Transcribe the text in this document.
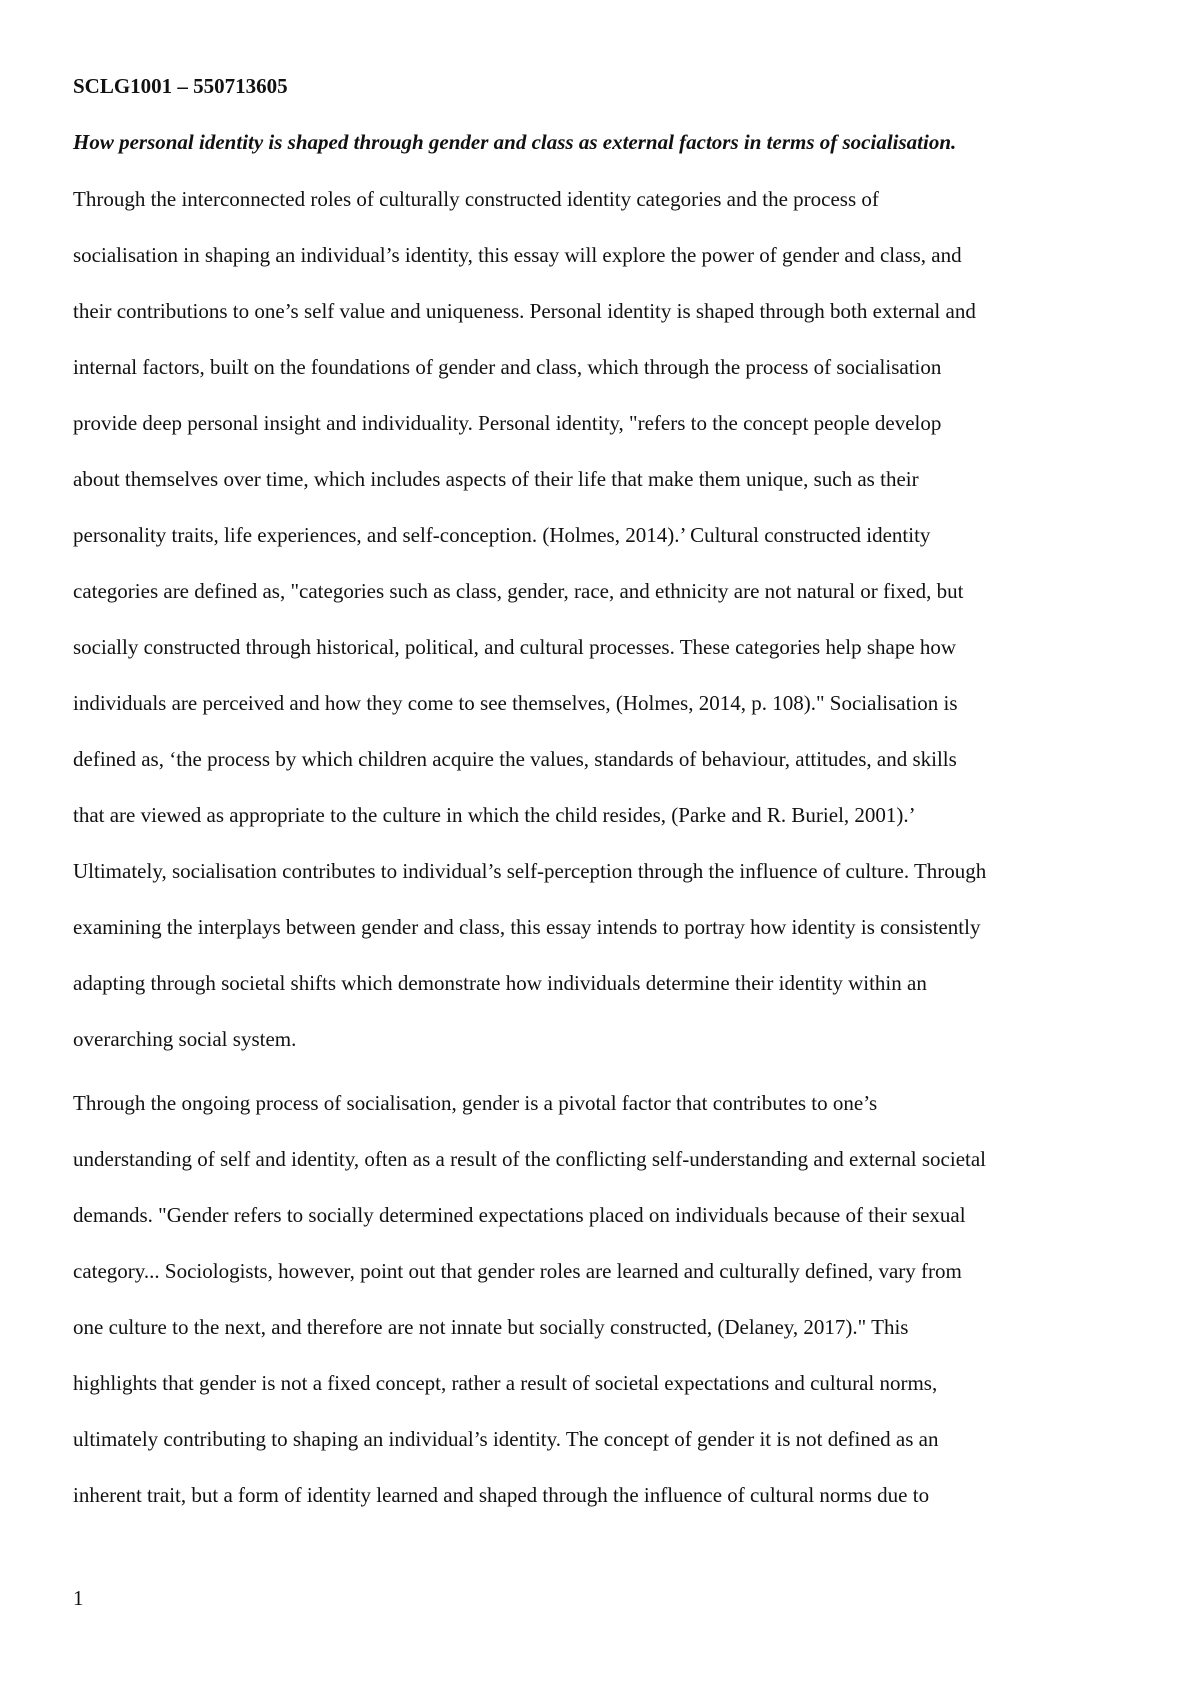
SCLG1001 – 550713605

How personal identity is shaped through gender and class as external factors in terms of socialisation.

Through the interconnected roles of culturally constructed identity categories and the process of
socialisation in shaping an individual’s identity, this essay will explore the power of gender and class, and
their contributions to one’s self value and uniqueness. Personal identity is shaped through both external and
internal factors, built on the foundations of gender and class, which through the process of socialisation
provide deep personal insight and individuality. Personal identity, "refers to the concept people develop
about themselves over time, which includes aspects of their life that make them unique, such as their
personality traits, life experiences, and self-conception. (Holmes, 2014).’ Cultural constructed identity
categories are defined as, "categories such as class, gender, race, and ethnicity are not natural or fixed, but
socially constructed through historical, political, and cultural processes. These categories help shape how
individuals are perceived and how they come to see themselves, (Holmes, 2014, p. 108)." Socialisation is
defined as, ‘the process by which children acquire the values, standards of behaviour, attitudes, and skills
that are viewed as appropriate to the culture in which the child resides, (Parke and R. Buriel, 2001).’
Ultimately, socialisation contributes to individual’s self-perception through the influence of culture. Through
examining the interplays between gender and class, this essay intends to portray how identity is consistently
adapting through societal shifts which demonstrate how individuals determine their identity within an
overarching social system.
Through the ongoing process of socialisation, gender is a pivotal factor that contributes to one’s
understanding of self and identity, often as a result of the conflicting self-understanding and external societal
demands. "Gender refers to socially determined expectations placed on individuals because of their sexual
category... Sociologists, however, point out that gender roles are learned and culturally defined, vary from
one culture to the next, and therefore are not innate but socially constructed, (Delaney, 2017)." This
highlights that gender is not a fixed concept, rather a result of societal expectations and cultural norms,
ultimately contributing to shaping an individual’s identity. The concept of gender it is not defined as an
inherent trait, but a form of identity learned and shaped through the influence of cultural norms due to
1
